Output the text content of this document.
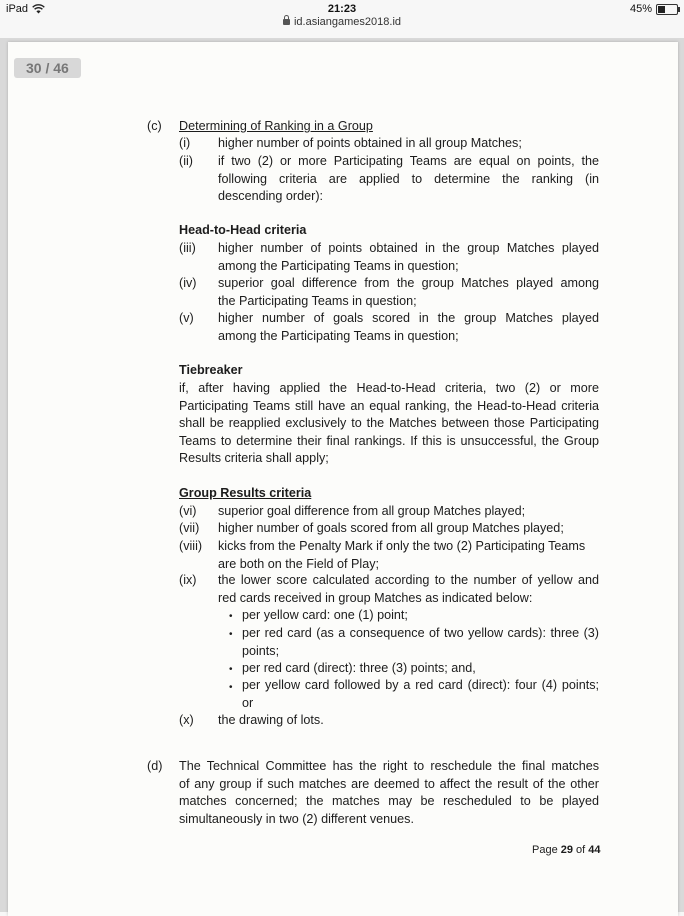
iPad	21:23	45%
id.asiangames2018.id
30 / 46
(c) Determining of Ranking in a Group
(i) higher number of points obtained in all group Matches;
(ii) if two (2) or more Participating Teams are equal on points, the
following criteria are applied to determine the ranking (in
descending order):
Head-to-Head criteria
(iii) higher number of points obtained in the group Matches played
among the Participating Teams in question;
(iv) superior goal difference from the group Matches played among
the Participating Teams in question;
(v) higher number of goals scored in the group Matches played
among the Participating Teams in question;
Tiebreaker
if, after having applied the Head-to-Head criteria, two (2) or more
Participating Teams still have an equal ranking, the Head-to-Head criteria
shall be reapplied exclusively to the Matches between those Participating
Teams to determine their final rankings. If this is unsuccessful, the Group
Results criteria shall apply;
Group Results criteria
(vi) superior goal difference from all group Matches played;
(vii) higher number of goals scored from all group Matches played;
(viii) kicks from the Penalty Mark if only the two (2) Participating Teams
are both on the Field of Play;
(ix) the lower score calculated according to the number of yellow and
red cards received in group Matches as indicated below:
• per yellow card: one (1) point;
• per red card (as a consequence of two yellow cards): three (3)
points;
• per red card (direct): three (3) points; and,
• per yellow card followed by a red card (direct): four (4) points;
or
(x) the drawing of lots.
(d) The Technical Committee has the right to reschedule the final matches
of any group if such matches are deemed to affect the result of the other
matches concerned; the matches may be rescheduled to be played
simultaneously in two (2) different venues.
Page 29 of 44
